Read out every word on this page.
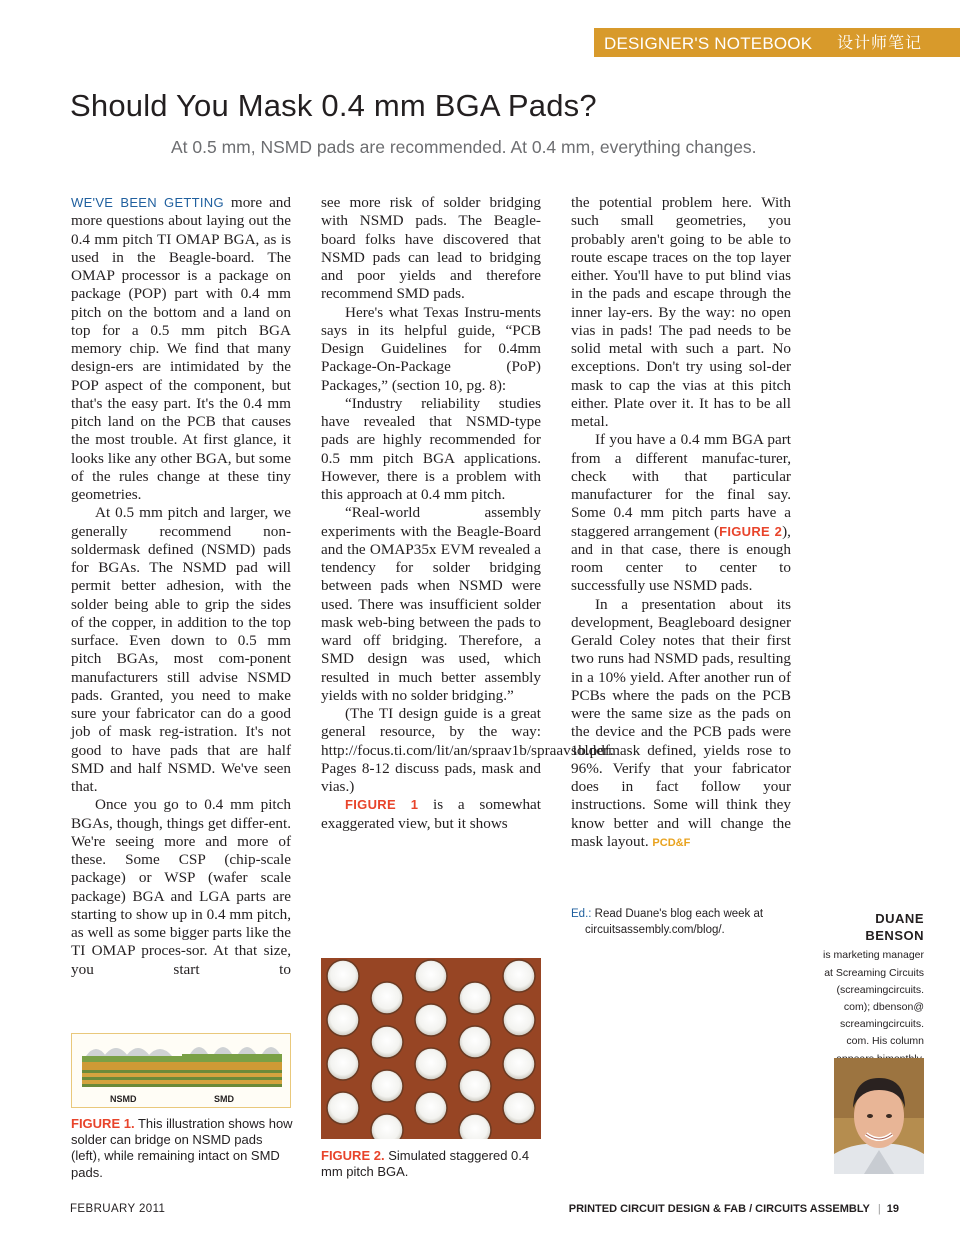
DESIGNER'S NOTEBOOK 设计师笔记
Should You Mask 0.4 mm BGA Pads?
At 0.5 mm, NSMD pads are recommended. At 0.4 mm, everything changes.

WE'VE BEEN GETTING more and more questions about laying out the 0.4 mm pitch TI OMAP BGA, as is used in the Beagle-board. The OMAP processor is a package on package (POP) part with 0.4 mm pitch on the bottom and a land on top for a 0.5 mm pitch BGA memory chip. We find that many design-ers are intimidated by the POP aspect of the component, but that's the easy part. It's the 0.4 mm pitch land on the PCB that causes the most trouble. At first glance, it looks like any other BGA, but some of the rules change at these tiny geometries.

At 0.5 mm pitch and larger, we generally recommend non-soldermask defined (NSMD) pads for BGAs. The NSMD pad will permit better adhesion, with the solder being able to grip the sides of the copper, in addition to the top surface. Even down to 0.5 mm pitch BGAs, most com-ponent manufacturers still advise NSMD pads. Granted, you need to make sure your fabricator can do a good job of mask reg-istration. It's not good to have pads that are half SMD and half NSMD. We've seen that.

Once you go to 0.4 mm pitch BGAs, though, things get differ-ent. We're seeing more and more of these. Some CSP (chip-scale package) or WSP (wafer scale package) BGA and LGA parts are starting to show up in 0.4 mm pitch, as well as some bigger parts like the TI OMAP proces-sor. At that size, you start to

see more risk of solder bridging with NSMD pads. The Beagle-board folks have discovered that NSMD pads can lead to bridging and poor yields and therefore recommend SMD pads.

Here's what Texas Instru-ments says in its helpful guide, “PCB Design Guidelines for 0.4mm Package-On-Package (PoP) Packages,” (section 10, pg. 8):

“Industry reliability studies have revealed that NSMD-type pads are highly recommended for 0.5 mm pitch BGA applications. However, there is a problem with this approach at 0.4 mm pitch.

“Real-world assembly experiments with the Beagle-Board and the OMAP35x EVM revealed a tendency for solder bridging between pads when NSMD were used. There was insufficient solder mask web-bing between the pads to ward off bridging. Therefore, a SMD design was used, which resulted in much better assembly yields with no solder bridging.”

(The TI design guide is a great general resource, by the way: http://focus.ti.com/lit/an/spraav1b/spraav1b.pdf. Pages 8-12 discuss pads, mask and vias.)

FIGURE 1 is a somewhat exaggerated view, but it shows

the potential problem here. With such small geometries, you probably aren't going to be able to route escape traces on the top layer either. You'll have to put blind vias in the pads and escape through the inner lay-ers. By the way: no open vias in pads! The pad needs to be solid metal with such a part. No exceptions. Don't try using sol-der mask to cap the vias at this pitch either. Plate over it. It has to be all metal.

If you have a 0.4 mm BGA part from a different manufac-turer, check with that particular manufacturer for the final say. Some 0.4 mm pitch parts have a staggered arrangement (FIGURE 2), and in that case, there is enough room center to center to successfully use NSMD pads.

In a presentation about its development, Beagleboard designer Gerald Coley notes that their first two runs had NSMD pads, resulting in a 10% yield. After another run of PCBs where the pads on the PCB were the same size as the pads on the device and the PCB pads were soldermask defined, yields rose to 96%. Verify that your fabricator does in fact follow your instructions. Some will think they know better and will change the mask layout. PCD&F

Ed.: Read Duane's blog each week at
circuitsassembly.com/blog/.
DUANE BENSON
is marketing manager
at Screaming Circuits
(screamingcircuits.
com); dbenson@
screamingcircuits.
com. His column
NSMD	SMD
FIGURE 1. This illustration shows how solder can bridge on NSMD pads (left), while remaining intact on SMD pads.
FIGURE 2. Simulated staggered 0.4 mm pitch BGA.
FEBRUARY 2011	PRINTED CIRCUIT DESIGN & FAB / CIRCUITS ASSEMBLY | 19
